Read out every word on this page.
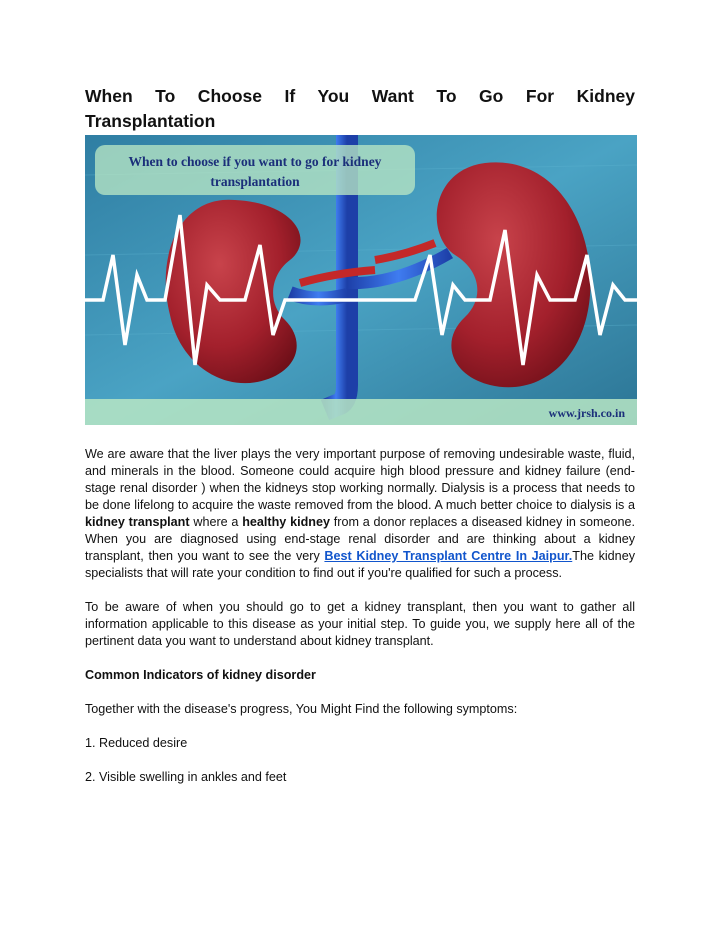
When To Choose If You Want To Go For Kidney
Transplantation
When to choose if you want to go for kidney
transplantation
www.jrsh.co.in

We are aware that the liver plays the very important purpose of removing undesirable waste, fluid, and minerals in the blood. Someone could acquire high blood pressure and kidney failure (end-stage renal disorder ) when the kidneys stop working normally. Dialysis is a process that needs to be done lifelong to acquire the waste removed from the blood. A much better choice to dialysis is a kidney transplant where a healthy kidney from a donor replaces a diseased kidney in someone. When you are diagnosed using end-stage renal disorder and are thinking about a kidney transplant, then you want to see the very Best Kidney Transplant Centre In Jaipur.The kidney specialists that will rate your condition to find out if you're qualified for such a process.

To be aware of when you should go to get a kidney transplant, then you want to gather all information applicable to this disease as your initial step. To guide you, we supply here all of the pertinent data you want to understand about kidney transplant.

Common Indicators of kidney disorder

Together with the disease's progress, You Might Find the following symptoms:

1. Reduced desire

2. Visible swelling in ankles and feet
